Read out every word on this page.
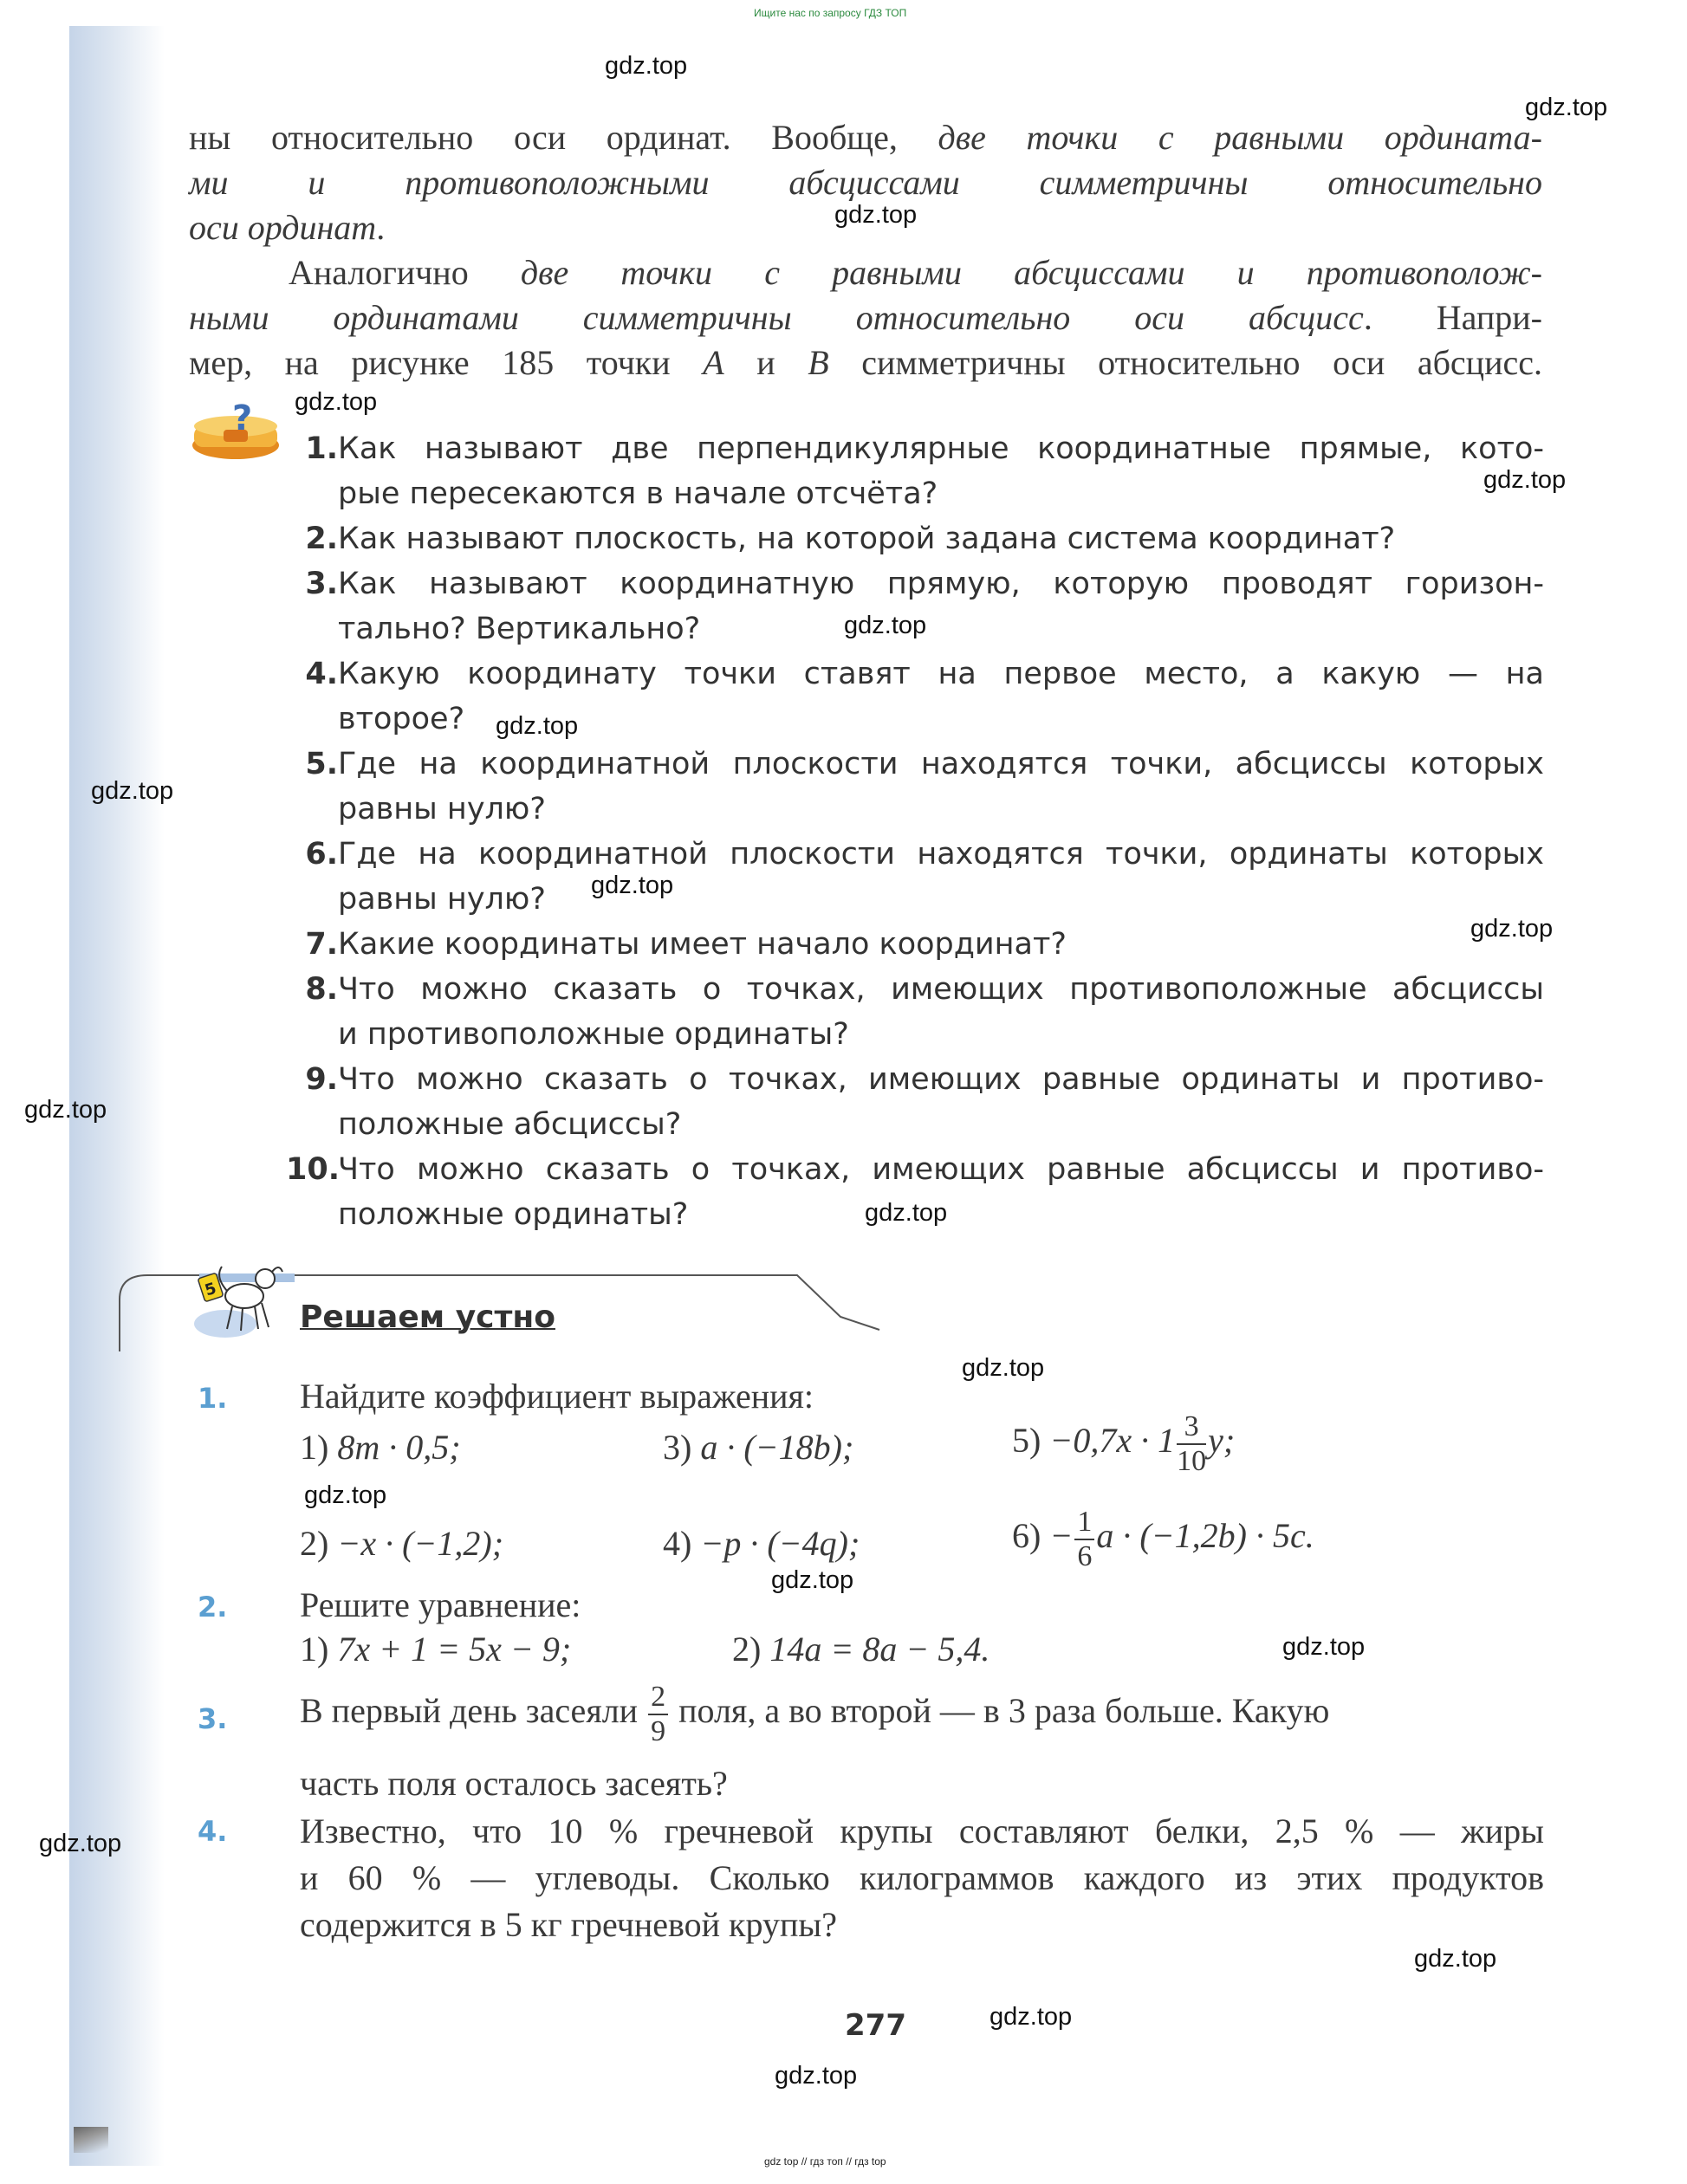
Ищите нас по запросу ГДЗ ТОП
ны относительно оси ординат. Вообще, две точки с равными ордината-
ми и противоположными абсциссами симметричны относительно
оси ординат.
Аналогично две точки с равными абсциссами и противополож-
ными ординатами симметричны относительно оси абсцисс. Напри-
мер, на рисунке 185 точки A и B симметричны относительно оси абсцисс.
?
1. Как называют две перпендикулярные координатные прямые, кото-
рые пересекаются в начале отсчёта?
2. Как называют плоскость, на которой задана система координат?
3. Как называют координатную прямую, которую проводят горизон-
тально? Вертикально?
4. Какую координату точки ставят на первое место, а какую — на
второе?
5. Где на координатной плоскости находятся точки, абсциссы которых
равны нулю?
6. Где на координатной плоскости находятся точки, ординаты которых
равны нулю?
7. Какие координаты имеет начало координат?
8. Что можно сказать о точках, имеющих противоположные абсциссы
и противоположные ординаты?
9. Что можно сказать о точках, имеющих равные ординаты и противо-
положные абсциссы?
10.
Что можно сказать о точках, имеющих равные абсциссы и противо-
положные ординаты?
5
Решаем устно
1. Найдите коэффициент выражения:
1) 8m · 0,5;	3) a · (−18b);	$5) -0,7x \cdot 1 \frac{3}{10} y$;
2) −x · (−1,2);	4) −p · (−4q);	$6) - \frac{1}{6}$ a · (−1,2b) · 5c.
2. Решите уравнение:
1) 7x + 1 = 5x − 9;	2) 14a = 8a − 5,4.
3. В первый день засеяли $\frac{2}{9}$ поля, а во второй — в 3 раза больше. Какую
часть поля осталось засеять?
4. Известно, что 10 % гречневой крупы составляют белки, 2,5 % — жиры
и 60 % — углеводы. Сколько килограммов каждого из этих продуктов
содержится в 5 кг гречневой крупы?
277
gdz top // гдз топ // гдз top
gdz.top
gdz.top
gdz.top
gdz.top
gdz.top
gdz.top
gdz.top
gdz.top
gdz.top
gdz.top
gdz.top
gdz.top
gdz.top
gdz.top
gdz.top
gdz.top
gdz.top
gdz.top
gdz.top
gdz.top
